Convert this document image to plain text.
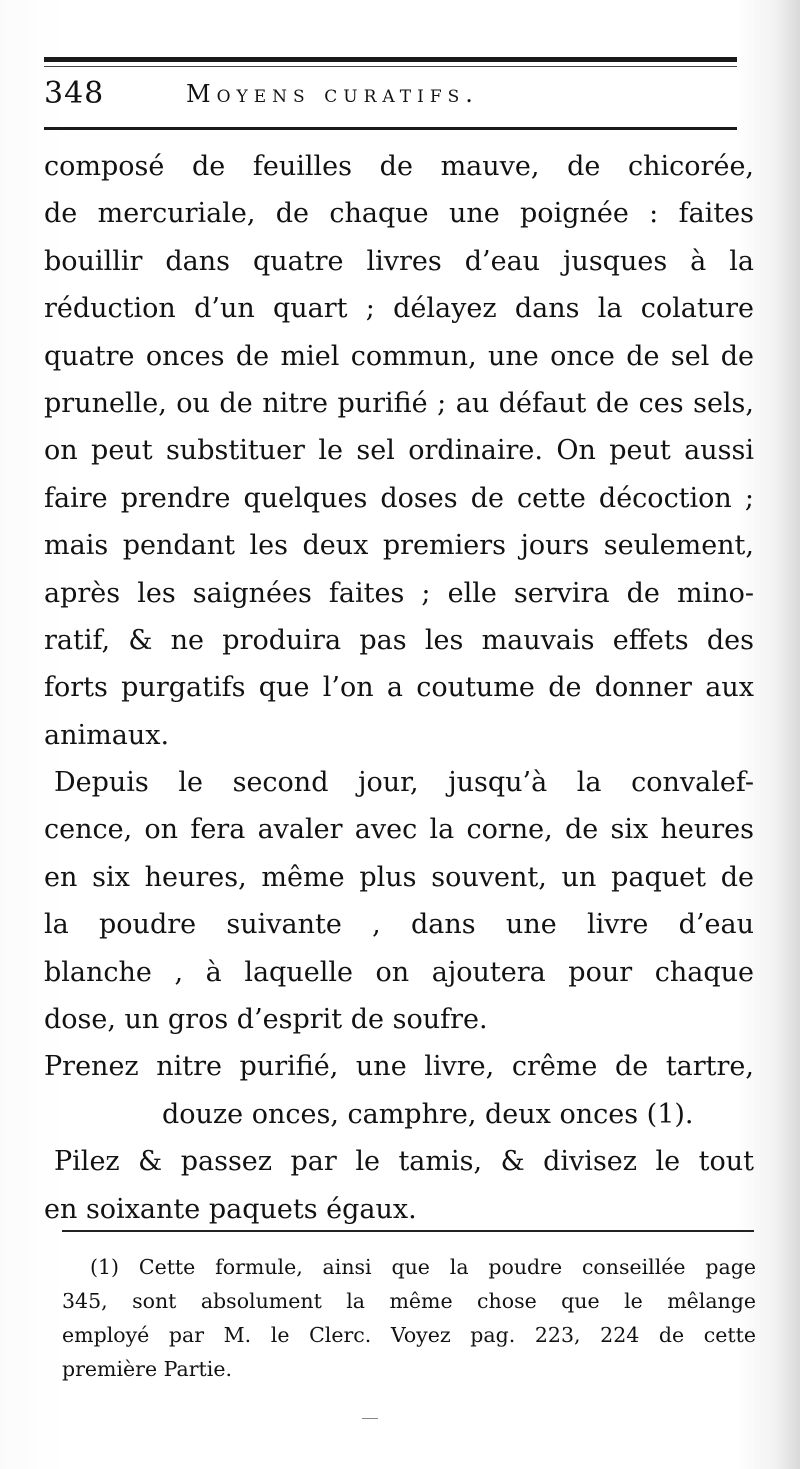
348	Moyens curatifs.
composé de feuilles de mauve, de chicorée,
de mercuriale, de chaque une poignée : faites
bouillir dans quatre livres d’eau jusques à la
réduction d’un quart ; délayez dans la colature
quatre onces de miel commun, une once de sel de
prunelle, ou de nitre purifié ; au défaut de ces sels,
on peut substituer le sel ordinaire. On peut aussi
faire prendre quelques doses de cette décoction ;
mais pendant les deux premiers jours seulement,
après les saignées faites ; elle servira de mino-
ratif, & ne produira pas les mauvais effets des
forts purgatifs que l’on a coutume de donner aux
animaux.
Depuis le second jour, jusqu’à la convalef-
cence, on fera avaler avec la corne, de six heures
en six heures, même plus souvent, un paquet de
la poudre suivante , dans une livre d’eau
blanche , à laquelle on ajoutera pour chaque
dose, un gros d’esprit de soufre.
Prenez nitre purifié, une livre, crême de tartre,
douze onces, camphre, deux onces (1).
Pilez & passez par le tamis, & divisez le tout
en soixante paquets égaux.
(1) Cette formule, ainsi que la poudre conseillée page
345, sont absolument la même chose que le mêlange
employé par M. le Clerc. Voyez pag. 223, 224 de cette
première Partie.
